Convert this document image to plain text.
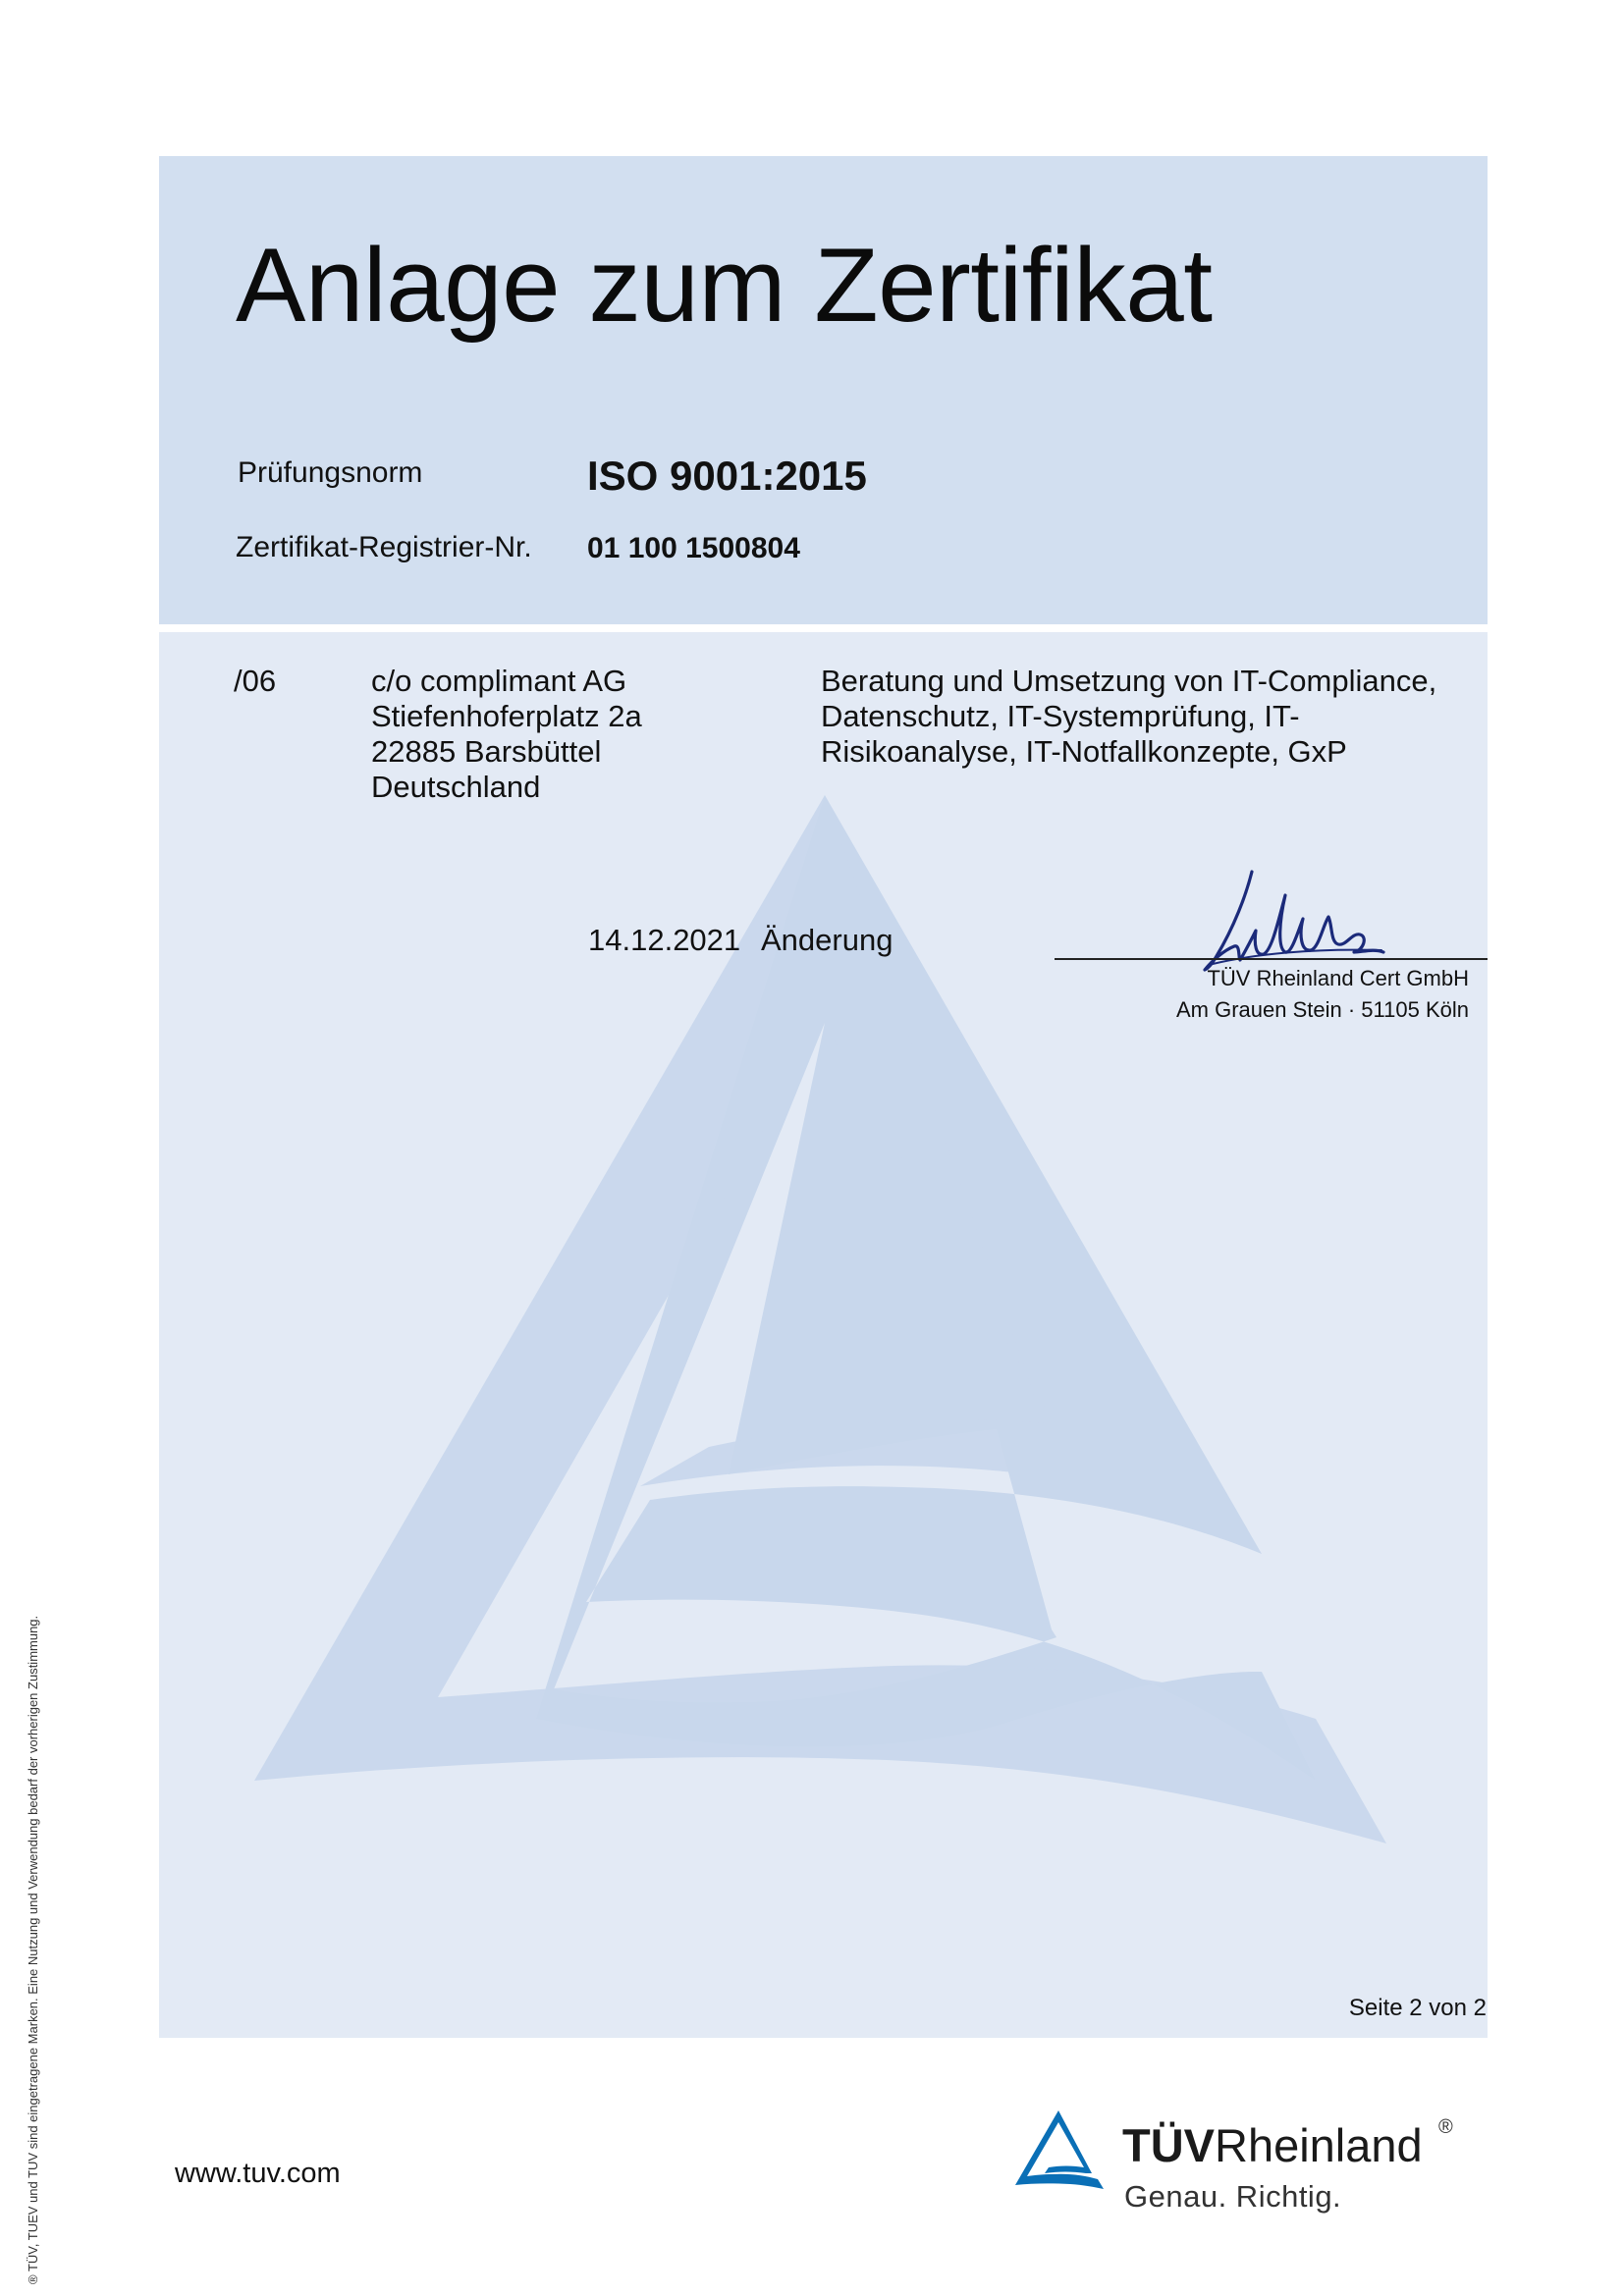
Anlage zum Zertifikat
Prüfungsnorm	ISO 9001:2015
Zertifikat-Registrier-Nr. 01 100 1500804
/06	c/o complimant AG
Stiefenhoferplatz 2a
22885 Barsbüttel
Deutschland
Beratung und Umsetzung von IT-Compliance,
Datenschutz, IT-Systemprüfung, IT-
Risikoanalyse, IT-Notfallkonzepte, GxP
14.12.2021 Änderung
TÜV Rheinland Cert GmbH
Am Grauen Stein · 51105 Köln
Seite 2 von 2
www.tuv.com
TÜVRheinland ®
Genau. Richtig.
® TÜV, TUEV und TUV sind eingetragene Marken. Eine Nutzung und Verwendung bedarf der vorherigen Zustimmung.
